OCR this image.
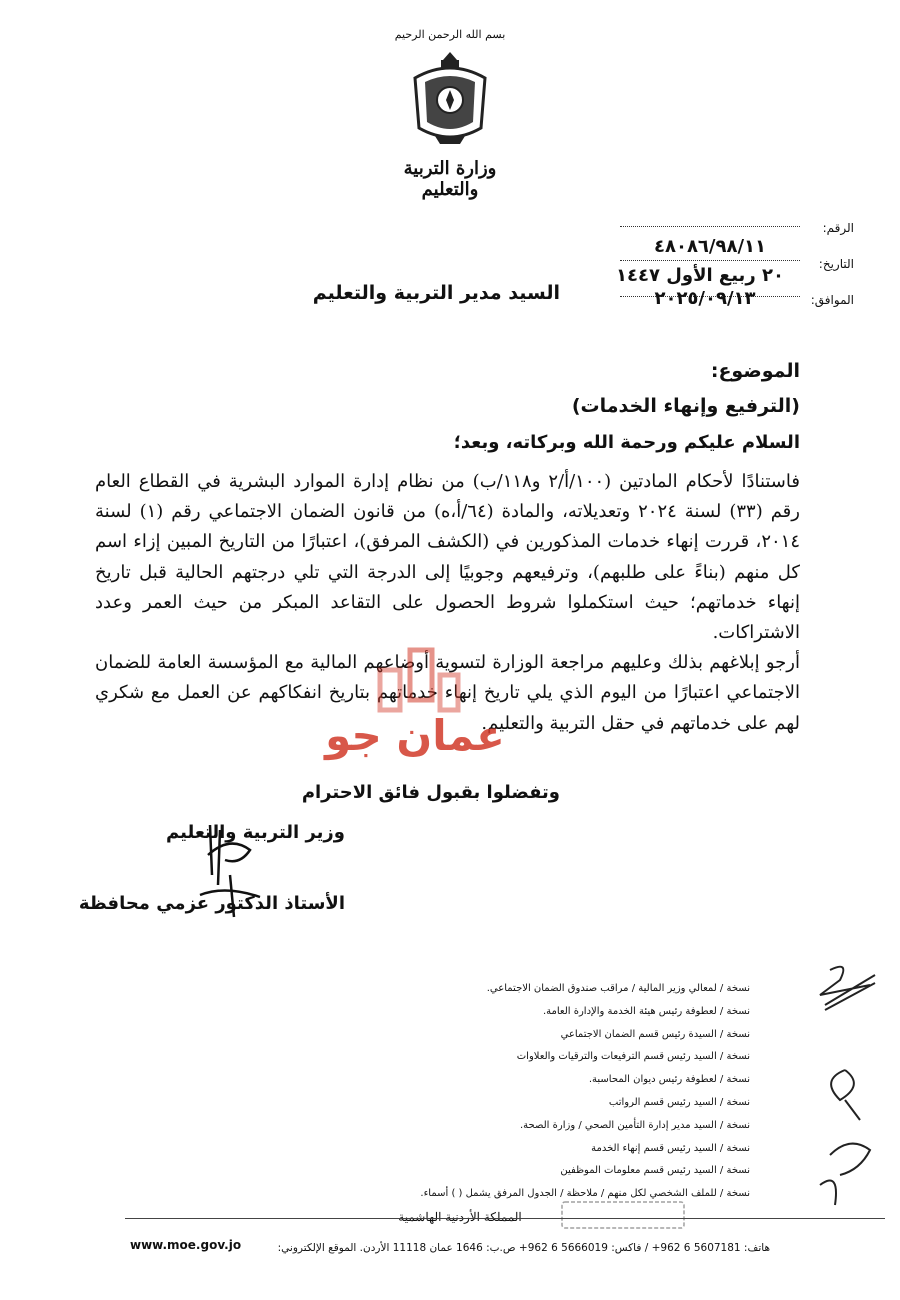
بسم الله الرحمن الرحيم
وزارة التربية والتعليم
الرقم:
التاريخ:
الموافق:
٤٨٠٨٦/٩٨/١١
٢٠ ربيع الأول ١٤٤٧
٢٠٢٥/٠٩/١٣
السيد مدير التربية والتعليم
الموضوع:
(الترفيع وإنهاء الخدمات)
السلام عليكم ورحمة الله وبركاته، وبعد؛

فاستنادًا لأحكام المادتين (١٠٠/أ/٢ و١١٨/ب) من نظام إدارة الموارد البشرية في القطاع العام رقم (٣٣) لسنة ٢٠٢٤ وتعديلاته، والمادة (٦٤/أ،ه) من قانون الضمان الاجتماعي رقم (١) لسنة ٢٠١٤، قررت إنهاء خدمات المذكورين في (الكشف المرفق)، اعتبارًا من التاريخ المبين إزاء اسم كل منهم (بناءً على طلبهم)، وترفيعهم وجوبيًا إلى الدرجة التي تلي درجتهم الحالية قبل تاريخ إنهاء خدماتهم؛ حيث استكملوا شروط الحصول على التقاعد المبكر من حيث العمر وعدد الاشتراكات.

أرجو إبلاغهم بذلك وعليهم مراجعة الوزارة لتسوية أوضاعهم المالية مع المؤسسة العامة للضمان الاجتماعي اعتبارًا من اليوم الذي يلي تاريخ إنهاء خدماتهم بتاريخ انفكاكهم عن العمل مع شكري لهم على خدماتهم في حقل التربية والتعليم.

عمان جو
وتفضلوا بقبول فائق الاحترام
وزير التربية والتعليم
الأستاذ الدكتور عزمي محافظة
نسخة / لمعالي وزير المالية / مراقب صندوق الضمان الاجتماعي.
نسخة / لعطوفة رئيس هيئة الخدمة والإدارة العامة.
نسخة / السيدة رئيس قسم الضمان الاجتماعي
نسخة / السيد رئيس قسم الترفيعات والترقيات والعلاوات
نسخة / لعطوفة رئيس ديوان المحاسبة.
نسخة / السيد رئيس قسم الرواتب
نسخة / السيد مدير إدارة التأمين الصحي / وزارة الصحة.
نسخة / السيد رئيس قسم إنهاء الخدمة
نسخة / السيد رئيس قسم معلومات الموظفين
نسخة / للملف الشخصي لكل منهم / ملاحظة / الجدول المرفق يشمل ( ) أسماء.
المملكة الأردنية الهاشمية
هاتف: 5607181 6 962+ / فاكس: 5666019 6 962+ ص.ب: 1646 عمان 11118 الأردن. الموقع الإلكتروني:
www.moe.gov.jo
